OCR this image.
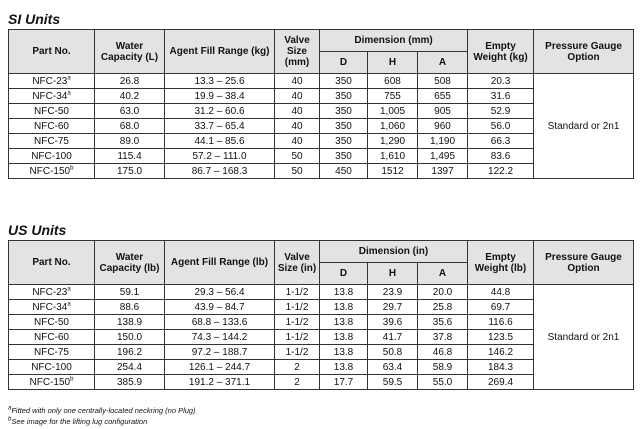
SI Units
Part No.	Water Capacity (L)	Agent Fill Range (kg)	Valve Size (mm)	Dimension (mm)			Empty Weight (kg)	Pressure Gauge Option
				D	H	A		
NFC-23$^a$	26.8	13.3 – 25.6	40	350	608	508	20.3	Standard or 2n1
NFC-34$^a$	40.2	19.9 – 38.4	40	350	755	655	31.6	
NFC-50	63.0	31.2 – 60.6	40	350	1,005	905	52.9	
NFC-60	68.0	33.7 – 65.4	40	350	1,060	960	56.0	
NFC-75	89.0	44.1 – 85.6	40	350	1,290	1,190	66.3	
NFC-100	115.4	57.2 – 111.0	50	350	1,610	1,495	83.6	
NFC-150$^b$	175.0	86.7 – 168.3	50	450	1512	1397	122.2	
US Units
Part No.	Water Capacity (lb)	Agent Fill Range (lb)	Valve Size (in)	Dimension (in)			Empty Weight (lb)	Pressure Gauge Option
				D	H	A		
NFC-23$^a$	59.1	29.3 – 56.4	1-1/2	13.8	23.9	20.0	44.8	Standard or 2n1
NFC-34$^a$	88.6	43.9 – 84.7	1-1/2	13.8	29.7	25.8	69.7	
NFC-50	138.9	68.8 – 133.6	1-1/2	13.8	39.6	35.6	116.6	
NFC-60	150.0	74.3 – 144.2	1-1/2	13.8	41.7	37.8	123.5	
NFC-75	196.2	97.2 – 188.7	1-1/2	13.8	50.8	46.8	146.2	
NFC-100	254.4	126.1 – 244.7	2	13.8	63.4	58.9	184.3	
NFC-150$^b$	385.9	191.2 – 371.1	2	17.7	59.5	55.0	269.4	
$^a$Fitted with only one centrally-located neckring (no Plug)
$^b$See image for the lifting lug configuration
